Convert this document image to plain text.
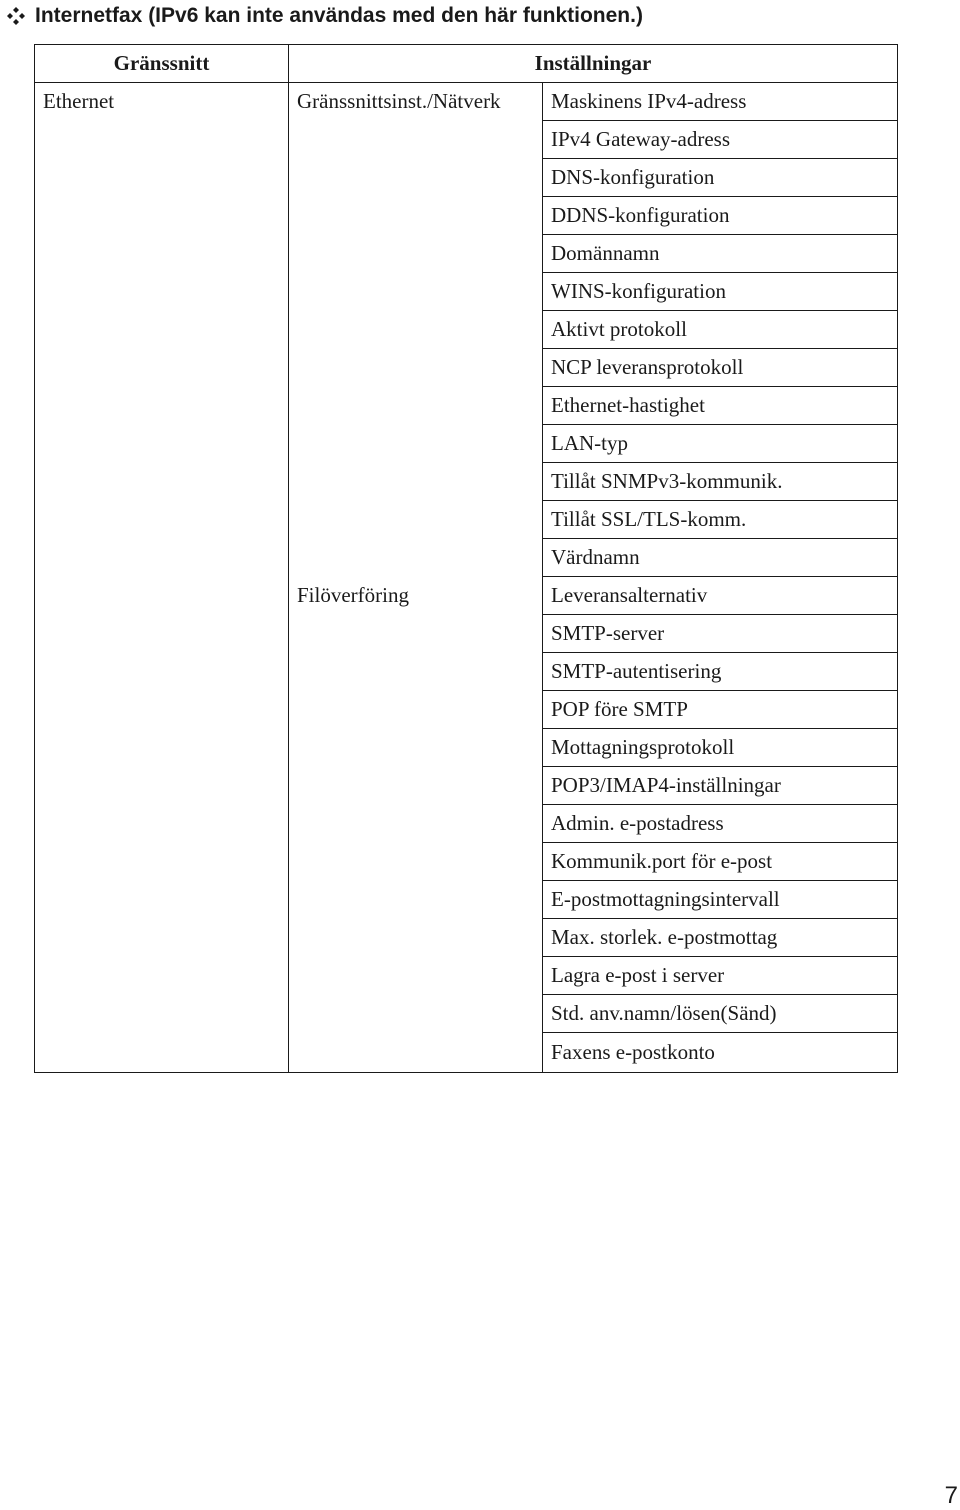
Internetfax (IPv6 kan inte användas med den här funktionen.)
Gränssnitt	Inställningar	
Ethernet	Gränssnittsinst./Nätverk	Maskinens IPv4-adress
		IPv4 Gateway-adress
		DNS-konfiguration
		DDNS-konfiguration
		Domännamn
		WINS-konfiguration
		Aktivt protokoll
		NCP leveransprotokoll
		Ethernet-hastighet
		LAN-typ
		Tillåt SNMPv3-kommunik.
		Tillåt SSL/TLS-komm.
		Värdnamn
	Filöverföring	Leveransalternativ
		SMTP-server
		SMTP-autentisering
		POP före SMTP
		Mottagningsprotokoll
		POP3/IMAP4-inställningar
		Admin. e-postadress
		Kommunik.port för e-post
		E-postmottagningsintervall
		Max. storlek. e-postmottag
		Lagra e-post i server
		Std. anv.namn/lösen(Sänd)
		Faxens e-postkonto
7
